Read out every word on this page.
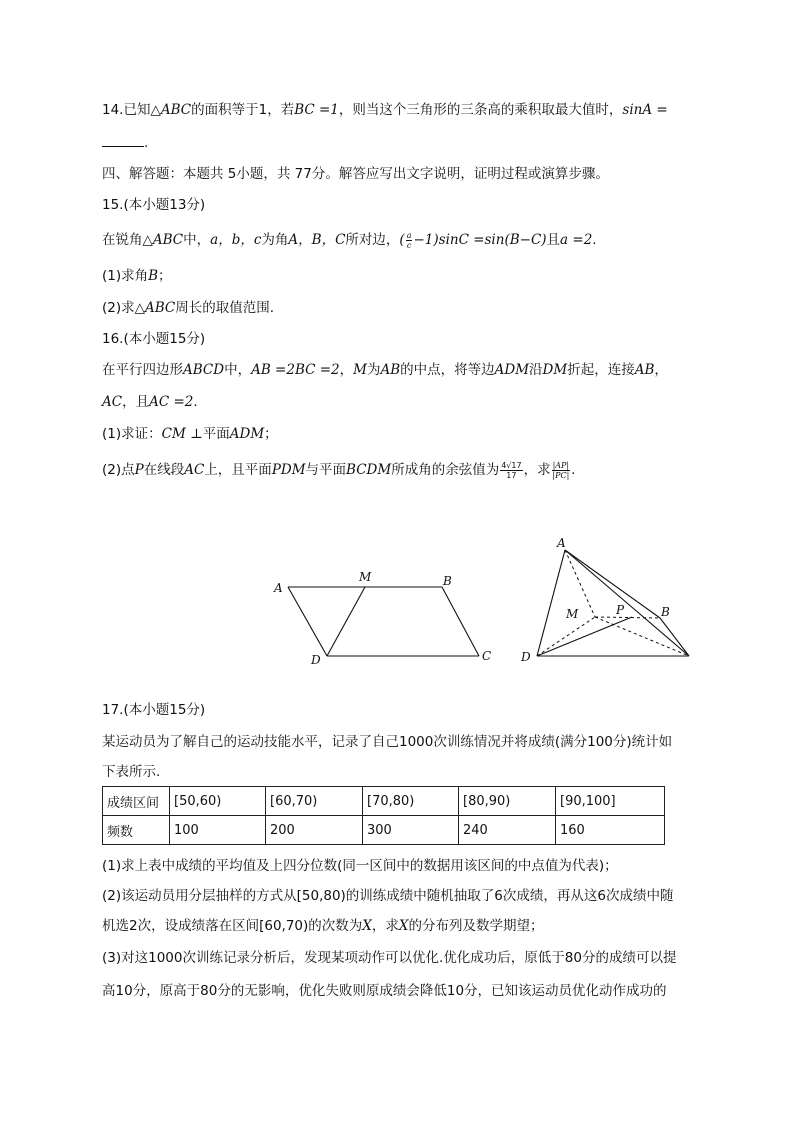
14.已知△ABC的面积等于1，若BC =1，则当这个三角形的三条高的乘积取最大值时，sinA =
.
四、解答题：本题共 5小题，共 77分。解答应写出文字说明，证明过程或演算步骤。
15.(本小题13分)
在锐角△ABC中，a，b，c为角A，B，C所对边，( $\frac{a}{c} -1)\sin C =\sin(B-C)$且a =2.
(1)求角B；
(2)求△ABC周长的取值范围.
16.(本小题15分)
在平行四边形ABCD中，AB =2BC =2，M为AB的中点，将等边ADM沿DM折起，连接AB，
AC，且AC =2.
(1)求证：CM ⊥平面ADM；
(2)点P在线段AC上，且平面PDM与平面BCDM所成角的余弦值为 $\frac{4√17}{17}$ ，求 $\frac{|AP|}{|PC|}$ .
A
M	B
D	C
A
M	P	B
D
17.(本小题15分)
某运动员为了解自己的运动技能水平，记录了自己1000次训练情况并将成绩(满分100分)统计如
下表所示.
成绩区间	[50,60)	[60,70)	[70,80)	[80,90)	[90,100]
频数	100	200	300	240	160
(1)求上表中成绩的平均值及上四分位数(同一区间中的数据用该区间的中点值为代表)；
(2)该运动员用分层抽样的方式从[50,80)的训练成绩中随机抽取了6次成绩，再从这6次成绩中随
机选2次，设成绩落在区间[60,70)的次数为X，求X的分布列及数学期望；
(3)对这1000次训练记录分析后，发现某项动作可以优化.优化成功后，原低于80分的成绩可以提
高10分，原高于80分的无影响，优化失败则原成绩会降低10分，已知该运动员优化动作成功的
